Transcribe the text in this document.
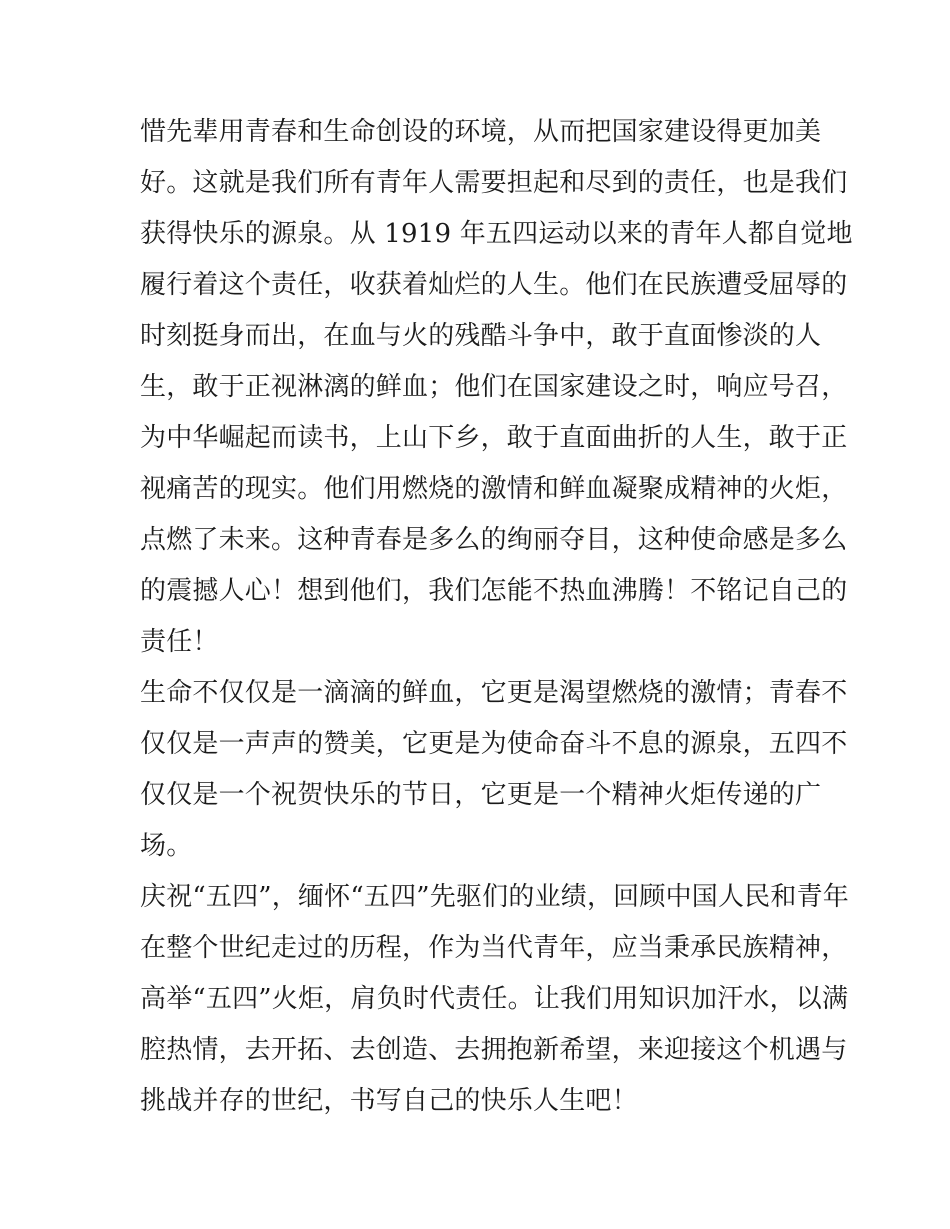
惜先辈用青春和生命创设的环境，从而把国家建设得更加美
好。这就是我们所有青年人需要担起和尽到的责任，也是我们
获得快乐的源泉。从 1919 年五四运动以来的青年人都自觉地
履行着这个责任，收获着灿烂的人生。他们在民族遭受屈辱的
时刻挺身而出，在血与火的残酷斗争中，敢于直面惨淡的人
生，敢于正视淋漓的鲜血；他们在国家建设之时，响应号召，
为中华崛起而读书，上山下乡，敢于直面曲折的人生，敢于正
视痛苦的现实。他们用燃烧的激情和鲜血凝聚成精神的火炬，
点燃了未来。这种青春是多么的绚丽夺目，这种使命感是多么
的震撼人心！想到他们，我们怎能不热血沸腾！不铭记自己的
责任！
生命不仅仅是一滴滴的鲜血，它更是渴望燃烧的激情；青春不
仅仅是一声声的赞美，它更是为使命奋斗不息的源泉，五四不
仅仅是一个祝贺快乐的节日，它更是一个精神火炬传递的广
场。
庆祝“五四”，缅怀“五四”先驱们的业绩，回顾中国人民和青年
在整个世纪走过的历程，作为当代青年，应当秉承民族精神，
高举“五四”火炬，肩负时代责任。让我们用知识加汗水，以满
腔热情，去开拓、去创造、去拥抱新希望，来迎接这个机遇与
挑战并存的世纪，书写自己的快乐人生吧！
